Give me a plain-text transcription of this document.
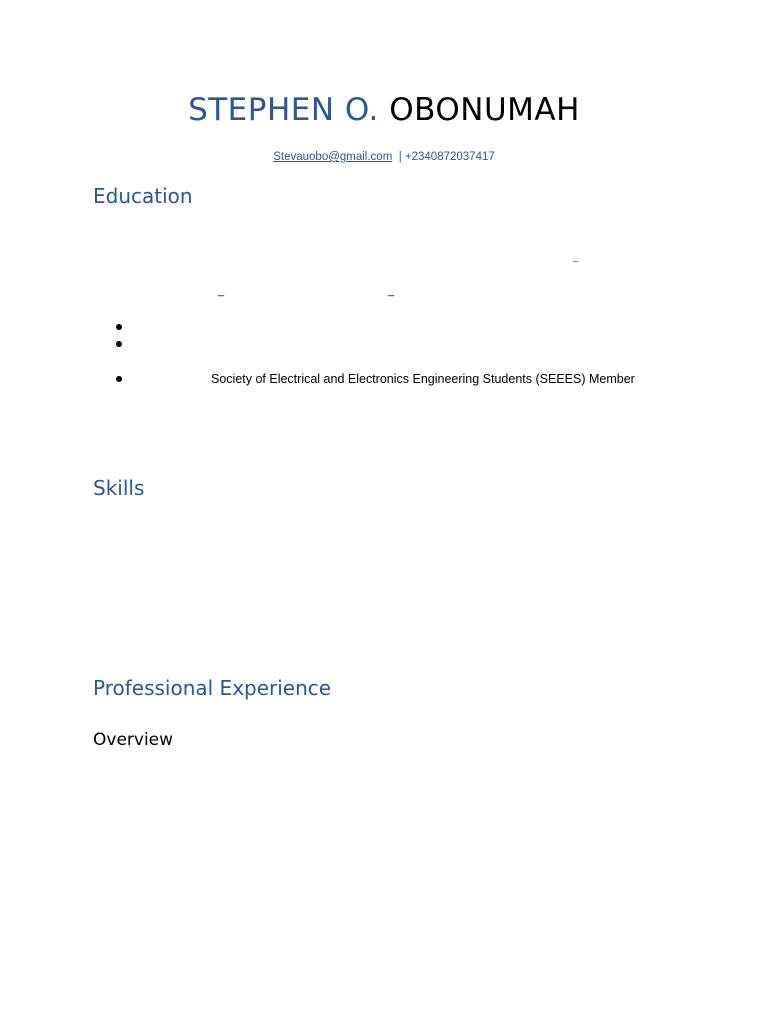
STEPHEN O. OBONUMAH
Stevauobo@gmail.com | +2340872037417
Education
_
_	_
Society of Electrical and Electronics Engineering Students (SEEES) Member
Skills
Professional Experience
Overview
